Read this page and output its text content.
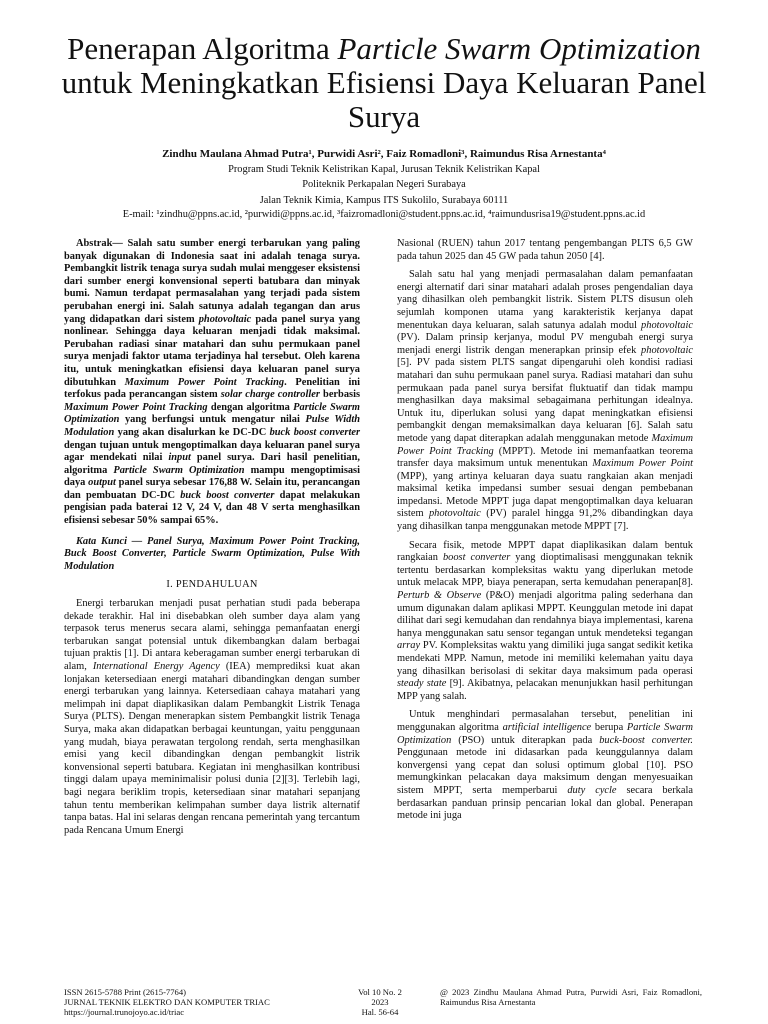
Penerapan Algoritma Particle Swarm Optimization
untuk Meningkatkan Efisiensi Daya Keluaran Panel
Surya
Zindhu Maulana Ahmad Putra¹, Purwidi Asri², Faiz Romadloni³, Raimundus Risa Arnestanta⁴
Program Studi Teknik Kelistrikan Kapal, Jurusan Teknik Kelistrikan Kapal
Politeknik Perkapalan Negeri Surabaya
Jalan Teknik Kimia, Kampus ITS Sukolilo, Surabaya 60111
E-mail: ¹zindhu@ppns.ac.id, ²purwidi@ppns.ac.id, ³faizromadloni@student.ppns.ac.id, ⁴raimundusrisa19@student.ppns.ac.id

Abstrak— Salah satu sumber energi terbarukan yang paling banyak digunakan di Indonesia saat ini adalah tenaga surya. Pembangkit listrik tenaga surya sudah mulai menggeser eksistensi dari sumber energi konvensional seperti batubara dan minyak bumi. Namun terdapat permasalahan yang terjadi pada sistem perubahan energi ini. Salah satunya adalah tegangan dan arus yang didapatkan dari sistem photovoltaic pada panel surya yang nonlinear. Sehingga daya keluaran menjadi tidak maksimal. Perubahan radiasi sinar matahari dan suhu permukaan panel surya menjadi faktor utama terjadinya hal tersebut. Oleh karena itu, untuk meningkatkan efisiensi daya keluaran panel surya dibutuhkan Maximum Power Point Tracking. Penelitian ini terfokus pada perancangan sistem solar charge controller berbasis Maximum Power Point Tracking dengan algoritma Particle Swarm Optimization yang berfungsi untuk mengatur nilai Pulse Width Modulation yang akan disalurkan ke DC-DC buck boost converter dengan tujuan untuk mengoptimalkan daya keluaran panel surya agar mendekati nilai input panel surya. Dari hasil penelitian, algoritma Particle Swarm Optimization mampu mengoptimisasi daya output panel surya sebesar 176,88 W. Selain itu, perancangan dan pembuatan DC-DC buck boost converter dapat melakukan pengisian pada baterai 12 V, 24 V, dan 48 V serta menghasilkan efisiensi sebesar 50% sampai 65%.

Kata Kunci — Panel Surya, Maximum Power Point Tracking, Buck Boost Converter, Particle Swarm Optimization, Pulse With Modulation

I. PENDAHULUAN

Energi terbarukan menjadi pusat perhatian studi pada beberapa dekade terakhir. Hal ini disebabkan oleh sumber daya alam yang terpasok terus menerus secara alami, sehingga pemanfaatan energi terbarukan sangat potensial untuk dikembangkan dalam berbagai tujuan praktis [1]. Di antara keberagaman sumber energi terbarukan di alam, International Energy Agency (IEA) memprediksi kuat akan lonjakan ketersediaan energi matahari dibandingkan dengan sumber energi terbarukan yang lainnya. Ketersediaan cahaya matahari yang melimpah ini dapat diaplikasikan dalam Pembangkit Listrik Tenaga Surya (PLTS). Dengan menerapkan sistem Pembangkit listrik Tenaga Surya, maka akan didapatkan berbagai keuntungan, yaitu penggunaan yang mudah, biaya perawatan tergolong rendah, serta menghasilkan emisi yang kecil dibandingkan dengan pembangkit listrik konvensional seperti batubara. Kegiatan ini menghasilkan kontribusi tinggi dalam upaya meminimalisir polusi dunia [2][3]. Terlebih lagi, bagi negara beriklim tropis, ketersediaan sinar matahari sepanjang tahun tentu memberikan kelimpahan sumber daya listrik alternatif tanpa batas. Hal ini selaras dengan rencana pemerintah yang tercantum pada Rencana Umum Energi

Nasional (RUEN) tahun 2017 tentang pengembangan PLTS 6,5 GW pada tahun 2025 dan 45 GW pada tahun 2050 [4].

Salah satu hal yang menjadi permasalahan dalam pemanfaatan energi alternatif dari sinar matahari adalah proses pengendalian daya yang dihasilkan oleh pembangkit listrik. Sistem PLTS disusun oleh sejumlah komponen utama yang karakteristik kerjanya dapat menentukan daya keluaran, salah satunya adalah modul photovoltaic (PV). Dalam prinsip kerjanya, modul PV mengubah energi surya menjadi energi listrik dengan menerapkan prinsip efek photovoltaic [5]. PV pada sistem PLTS sangat dipengaruhi oleh kondisi radiasi matahari dan suhu permukaan panel surya. Radiasi matahari dan suhu permukaan pada panel surya bersifat fluktuatif dan tidak mampu menghasilkan daya maksimal sebagaimana perhitungan idealnya. Untuk itu, diperlukan solusi yang dapat meningkatkan efisiensi pembangkit dengan memaksimalkan daya keluaran [6]. Salah satu metode yang dapat diterapkan adalah menggunakan metode Maximum Power Point Tracking (MPPT). Metode ini memanfaatkan teorema transfer daya maksimum untuk menentukan Maximum Power Point (MPP), yang artinya keluaran daya suatu rangkaian akan menjadi maksimal ketika impedansi sumber sesuai dengan pembebanan impedansi. Metode MPPT juga dapat mengoptimalkan daya keluaran sistem photovoltaic (PV) paralel hingga 91,2% dibandingkan daya yang dihasilkan tanpa menggunakan metode MPPT [7].

Secara fisik, metode MPPT dapat diaplikasikan dalam bentuk rangkaian boost converter yang dioptimalisasi menggunakan teknik tertentu berdasarkan kompleksitas waktu yang diperlukan metode untuk melacak MPP, biaya penerapan, serta kemudahan penerapan[8]. Perturb & Observe (P&O) menjadi algoritma paling sederhana dan umum digunakan dalam aplikasi MPPT. Keunggulan metode ini dapat dilihat dari segi kemudahan dan rendahnya biaya implementasi, karena hanya menggunakan satu sensor tegangan untuk mendeteksi tegangan array PV. Kompleksitas waktu yang dimiliki juga sangat sedikit ketika mendekati MPP. Namun, metode ini memiliki kelemahan yaitu daya yang dihasilkan berisolasi di sekitar daya maksimum pada operasi steady state [9]. Akibatnya, pelacakan menunjukkan hasil perhitungan MPP yang salah.

Untuk menghindari permasalahan tersebut, penelitian ini menggunakan algoritma artificial intelligence berupa Particle Swarm Optimization (PSO) untuk diterapkan pada buck-boost converter. Penggunaan metode ini didasarkan pada keunggulannya dalam konvergensi yang cepat dan solusi optimum global [10]. PSO memungkinkan pelacakan daya maksimum dengan menyesuaikan sistem MPPT, serta memperbarui duty cycle secara berkala berdasarkan panduan prinsip pencarian lokal dan global. Penerapan metode ini juga

ISSN 2615-5788 Print (2615-7764)
JURNAL TEKNIK ELEKTRO DAN KOMPUTER TRIAC
https://journal.trunojoyo.ac.id/triac
Vol 10 No. 2
2023
Hal. 56-64
@ 2023 Zindhu Maulana Ahmad Putra, Purwidi Asri, Faiz Romadloni, Raimundus Risa Arnestanta
